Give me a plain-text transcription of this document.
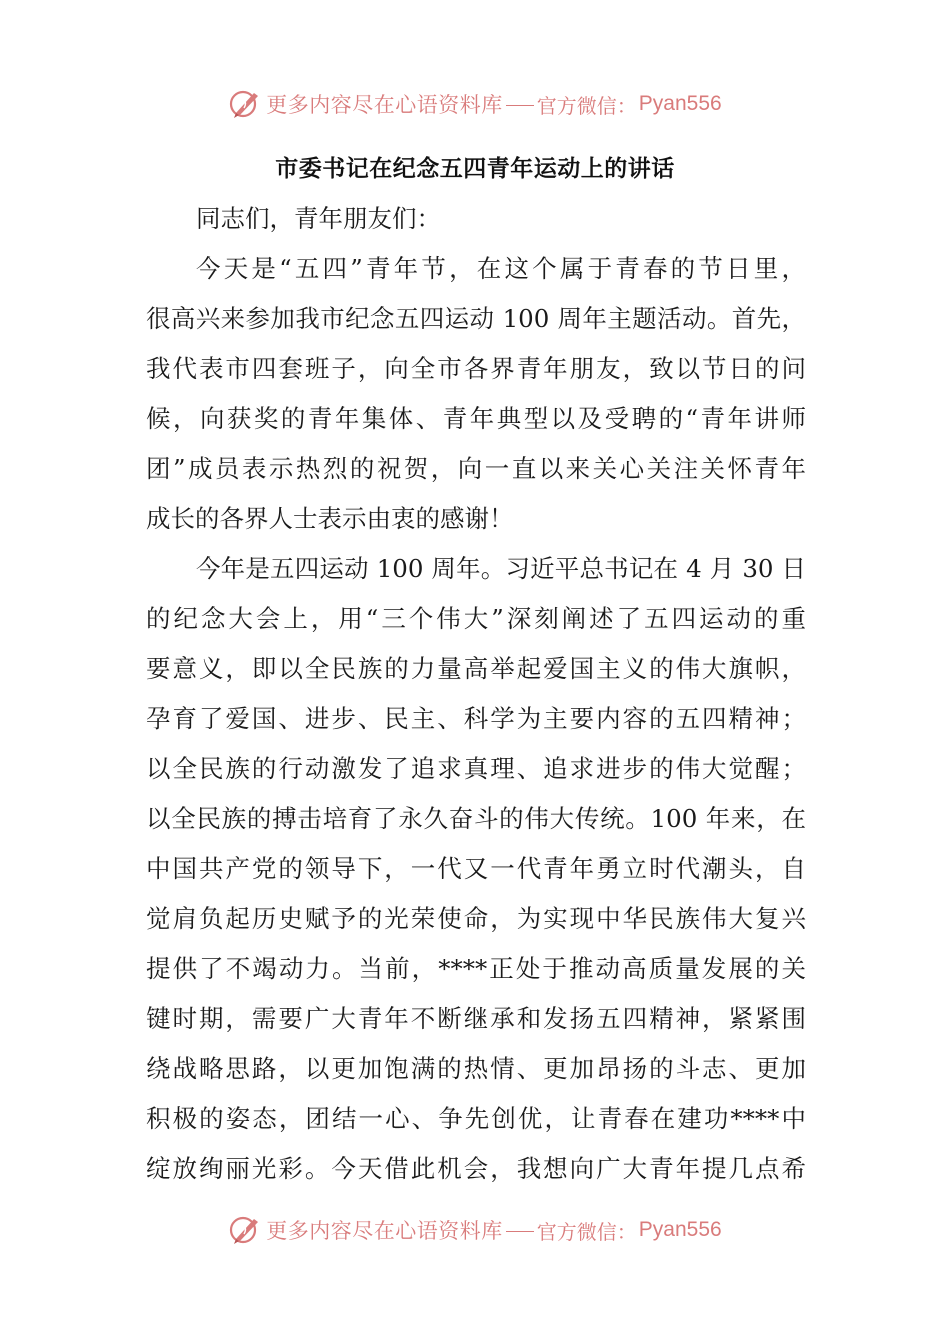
更多内容尽在心语资料库 官方微信： Pyan556
市委书记在纪念五四青年运动上的讲话
同志们，青年朋友们：
今天是“五四”青年节，在这个属于青春的节日里，
很高兴来参加我市纪念五四运动 100 周年主题活动。首先，
我代表市四套班子，向全市各界青年朋友，致以节日的问
候，向获奖的青年集体、青年典型以及受聘的“青年讲师
团”成员表示热烈的祝贺，向一直以来关心关注关怀青年
成长的各界人士表示由衷的感谢！
今年是五四运动 100 周年。习近平总书记在 4 月 30 日
的纪念大会上，用“三个伟大”深刻阐述了五四运动的重
要意义，即以全民族的力量高举起爱国主义的伟大旗帜，
孕育了爱国、进步、民主、科学为主要内容的五四精神；
以全民族的行动激发了追求真理、追求进步的伟大觉醒；
以全民族的搏击培育了永久奋斗的伟大传统。100 年来，在
中国共产党的领导下，一代又一代青年勇立时代潮头，自
觉肩负起历史赋予的光荣使命，为实现中华民族伟大复兴
提供了不竭动力。当前，****正处于推动高质量发展的关
键时期，需要广大青年不断继承和发扬五四精神，紧紧围
绕战略思路，以更加饱满的热情、更加昂扬的斗志、更加
积极的姿态，团结一心、争先创优，让青春在建功****中
绽放绚丽光彩。今天借此机会，我想向广大青年提几点希
更多内容尽在心语资料库 官方微信： Pyan556
